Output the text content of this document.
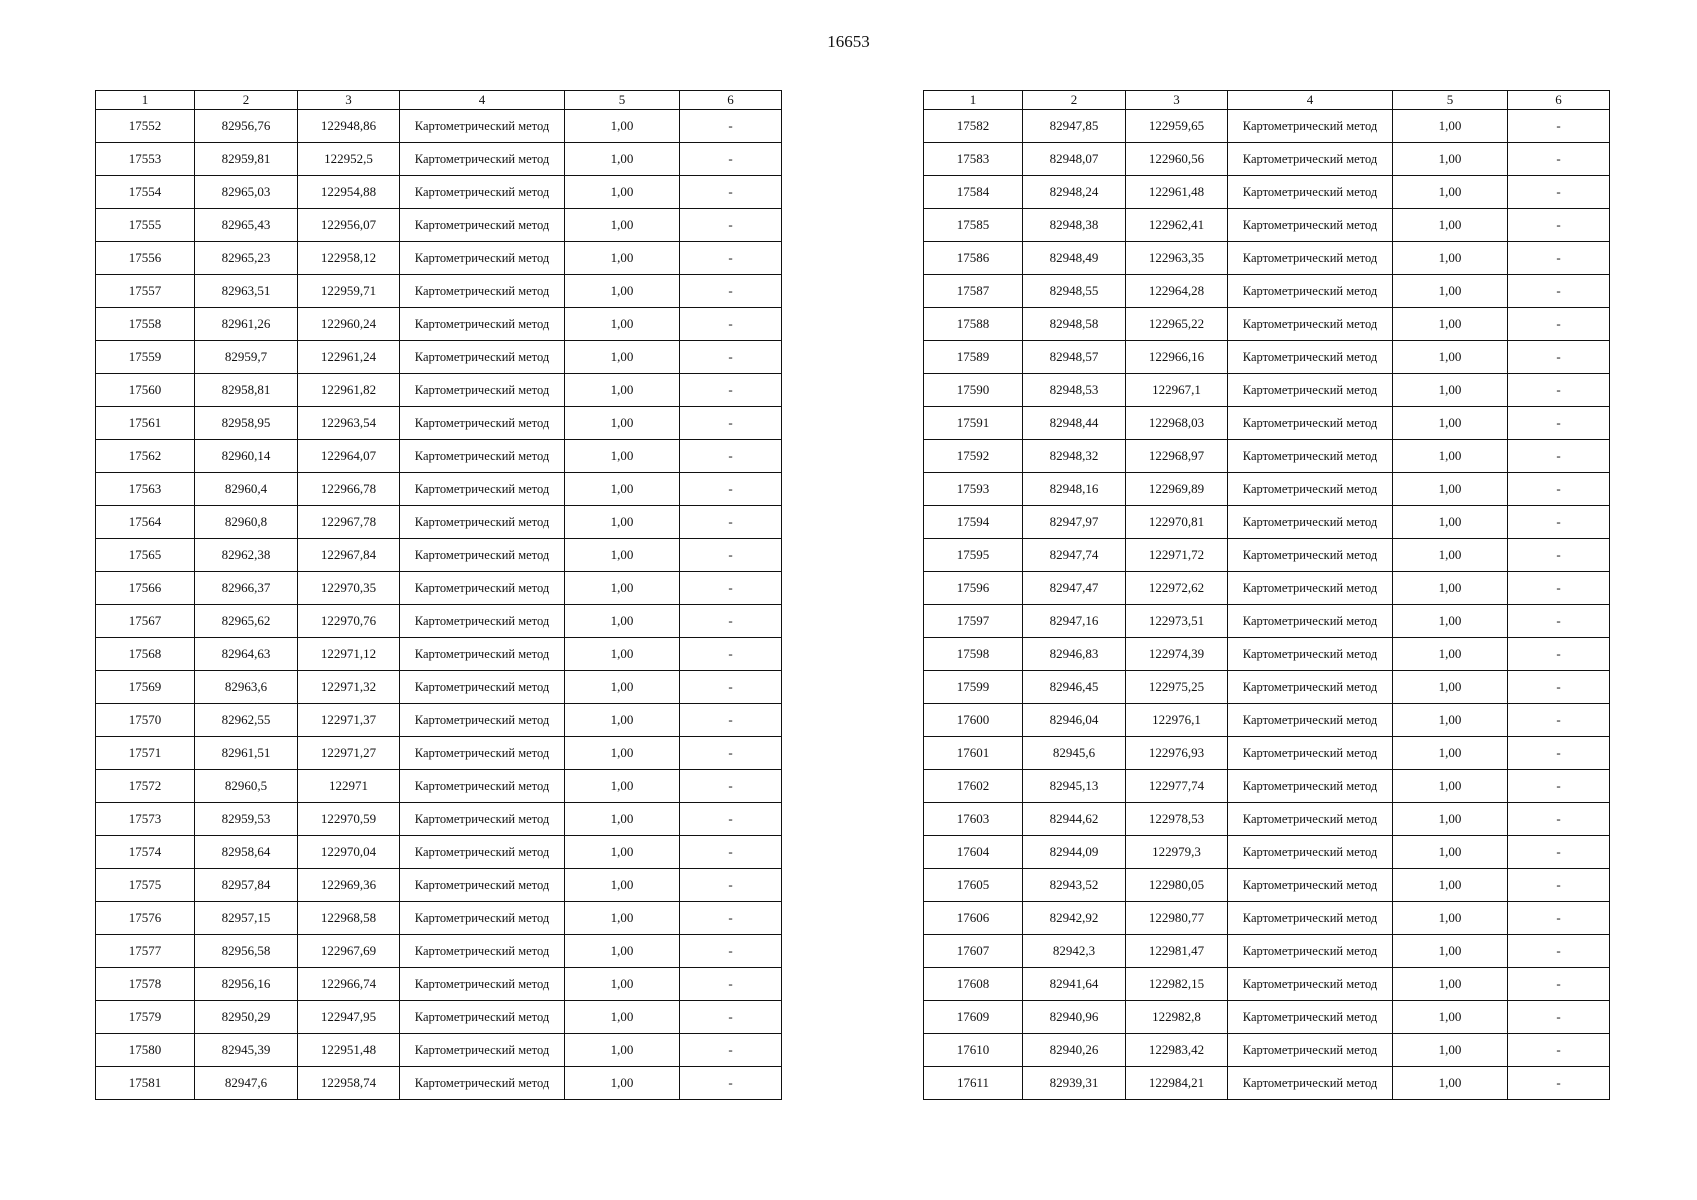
16653
1	2	3	4	5	6
17552	82956,76	122948,86	Картометрический метод	1,00	-
17553	82959,81	122952,5	Картометрический метод	1,00	-
17554	82965,03	122954,88	Картометрический метод	1,00	-
17555	82965,43	122956,07	Картометрический метод	1,00	-
17556	82965,23	122958,12	Картометрический метод	1,00	-
17557	82963,51	122959,71	Картометрический метод	1,00	-
17558	82961,26	122960,24	Картометрический метод	1,00	-
17559	82959,7	122961,24	Картометрический метод	1,00	-
17560	82958,81	122961,82	Картометрический метод	1,00	-
17561	82958,95	122963,54	Картометрический метод	1,00	-
17562	82960,14	122964,07	Картометрический метод	1,00	-
17563	82960,4	122966,78	Картометрический метод	1,00	-
17564	82960,8	122967,78	Картометрический метод	1,00	-
17565	82962,38	122967,84	Картометрический метод	1,00	-
17566	82966,37	122970,35	Картометрический метод	1,00	-
17567	82965,62	122970,76	Картометрический метод	1,00	-
17568	82964,63	122971,12	Картометрический метод	1,00	-
17569	82963,6	122971,32	Картометрический метод	1,00	-
17570	82962,55	122971,37	Картометрический метод	1,00	-
17571	82961,51	122971,27	Картометрический метод	1,00	-
17572	82960,5	122971	Картометрический метод	1,00	-
17573	82959,53	122970,59	Картометрический метод	1,00	-
17574	82958,64	122970,04	Картометрический метод	1,00	-
17575	82957,84	122969,36	Картометрический метод	1,00	-
17576	82957,15	122968,58	Картометрический метод	1,00	-
17577	82956,58	122967,69	Картометрический метод	1,00	-
17578	82956,16	122966,74	Картометрический метод	1,00	-
17579	82950,29	122947,95	Картометрический метод	1,00	-
17580	82945,39	122951,48	Картометрический метод	1,00	-
17581	82947,6	122958,74	Картометрический метод	1,00	-
1	2	3	4	5	6
17582	82947,85	122959,65	Картометрический метод	1,00	-
17583	82948,07	122960,56	Картометрический метод	1,00	-
17584	82948,24	122961,48	Картометрический метод	1,00	-
17585	82948,38	122962,41	Картометрический метод	1,00	-
17586	82948,49	122963,35	Картометрический метод	1,00	-
17587	82948,55	122964,28	Картометрический метод	1,00	-
17588	82948,58	122965,22	Картометрический метод	1,00	-
17589	82948,57	122966,16	Картометрический метод	1,00	-
17590	82948,53	122967,1	Картометрический метод	1,00	-
17591	82948,44	122968,03	Картометрический метод	1,00	-
17592	82948,32	122968,97	Картометрический метод	1,00	-
17593	82948,16	122969,89	Картометрический метод	1,00	-
17594	82947,97	122970,81	Картометрический метод	1,00	-
17595	82947,74	122971,72	Картометрический метод	1,00	-
17596	82947,47	122972,62	Картометрический метод	1,00	-
17597	82947,16	122973,51	Картометрический метод	1,00	-
17598	82946,83	122974,39	Картометрический метод	1,00	-
17599	82946,45	122975,25	Картометрический метод	1,00	-
17600	82946,04	122976,1	Картометрический метод	1,00	-
17601	82945,6	122976,93	Картометрический метод	1,00	-
17602	82945,13	122977,74	Картометрический метод	1,00	-
17603	82944,62	122978,53	Картометрический метод	1,00	-
17604	82944,09	122979,3	Картометрический метод	1,00	-
17605	82943,52	122980,05	Картометрический метод	1,00	-
17606	82942,92	122980,77	Картометрический метод	1,00	-
17607	82942,3	122981,47	Картометрический метод	1,00	-
17608	82941,64	122982,15	Картометрический метод	1,00	-
17609	82940,96	122982,8	Картометрический метод	1,00	-
17610	82940,26	122983,42	Картометрический метод	1,00	-
17611	82939,31	122984,21	Картометрический метод	1,00	-
